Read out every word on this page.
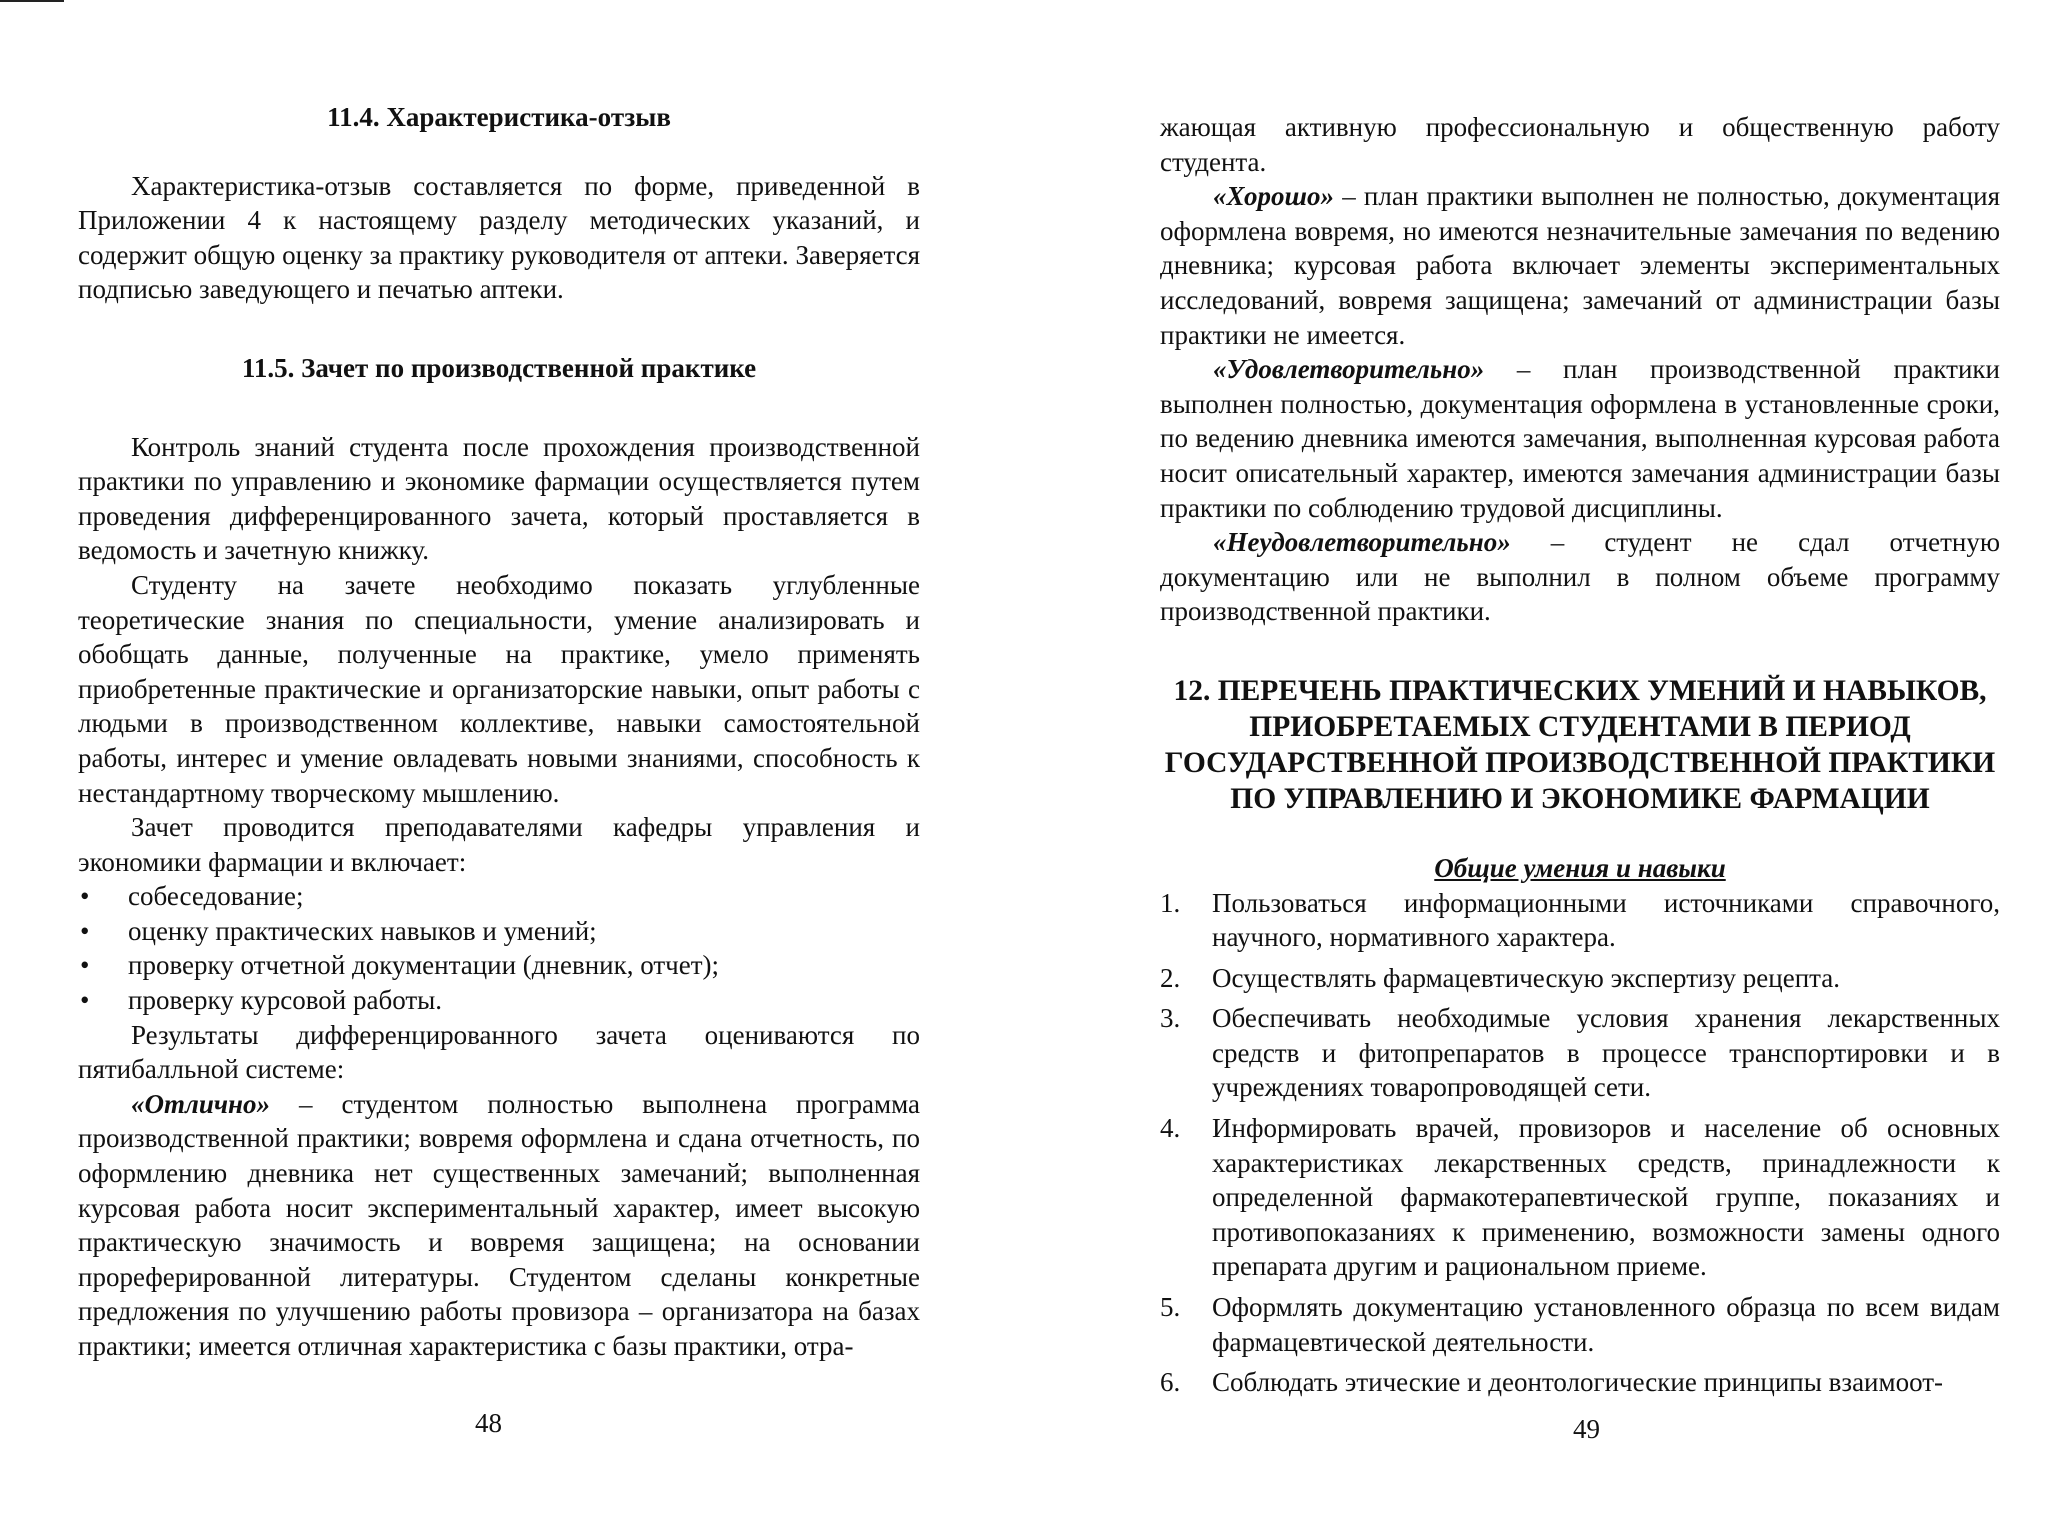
11.4. Характеристика-отзыв

Характеристика-отзыв составляется по форме, приведенной в Приложении 4 к настоящему разделу методических указаний, и содержит общую оценку за практику руководителя от аптеки. Заверяется подписью заведующего и печатью аптеки.

11.5. Зачет по производственной практике

Контроль знаний студента после прохождения производственной практики по управлению и экономике фармации осуществляется путем проведения дифференцированного зачета, который проставляется в ведомость и зачетную книжку.

Студенту на зачете необходимо показать углубленные теоретические знания по специальности, умение анализировать и обобщать данные, полученные на практике, умело применять приобретенные практические и организаторские навыки, опыт работы с людьми в производственном коллективе, навыки самостоятельной работы, интерес и умение овладевать новыми знаниями, способность к нестандартному творческому мышлению.

Зачет проводится преподавателями кафедры управления и экономики фармации и включает:

• собеседование;
• оценку практических навыков и умений;
• проверку отчетной документации (дневник, отчет);
• проверку курсовой работы.

Результаты дифференцированного зачета оцениваются по пятибалльной системе:

«Отлично» – студентом полностью выполнена программа производственной практики; вовремя оформлена и сдана отчетность, по оформлению дневника нет существенных замечаний; выполненная курсовая работа носит экспериментальный характер, имеет высокую практическую значимость и вовремя защищена; на основании прореферированной литературы. Студентом сделаны конкретные предложения по улучшению работы провизора – организатора на базах практики; имеется отличная характеристика с базы практики, отра-

48

жающая активную профессиональную и общественную работу студента.

«Хорошо» – план практики выполнен не полностью, документация оформлена вовремя, но имеются незначительные замечания по ведению дневника; курсовая работа включает элементы экспериментальных исследований, вовремя защищена; замечаний от администрации базы практики не имеется.

«Удовлетворительно» – план производственной практики выполнен полностью, документация оформлена в установленные сроки, по ведению дневника имеются замечания, выполненная курсовая работа носит описательный характер, имеются замечания администрации базы практики по соблюдению трудовой дисциплины.

«Неудовлетворительно» – студент не сдал отчетную документацию или не выполнил в полном объеме программу производственной практики.

12. ПЕРЕЧЕНЬ ПРАКТИЧЕСКИХ УМЕНИЙ И НАВЫКОВ,
ПРИОБРЕТАЕМЫХ СТУДЕНТАМИ В ПЕРИОД
ГОСУДАРСТВЕННОЙ ПРОИЗВОДСТВЕННОЙ ПРАКТИКИ
ПО УПРАВЛЕНИЮ И ЭКОНОМИКЕ ФАРМАЦИИ
Общие умения и навыки
1.	Пользоваться информационными источниками справочного, научного, нормативного характера.
2.	Осуществлять фармацевтическую экспертизу рецепта.
3.	Обеспечивать необходимые условия хранения лекарственных средств и фитопрепаратов в процессе транспортировки и в учреждениях товаропроводящей сети.
4.	Информировать врачей, провизоров и население об основных характеристиках лекарственных средств, принадлежности к определенной фармакотерапевтической группе, показаниях и противопоказаниях к применению, возможности замены одного препарата другим и рациональном приеме.
5.	Оформлять документацию установленного образца по всем видам фармацевтической деятельности.
6.	Соблюдать этические и деонтологические принципы взаимоот-
49
